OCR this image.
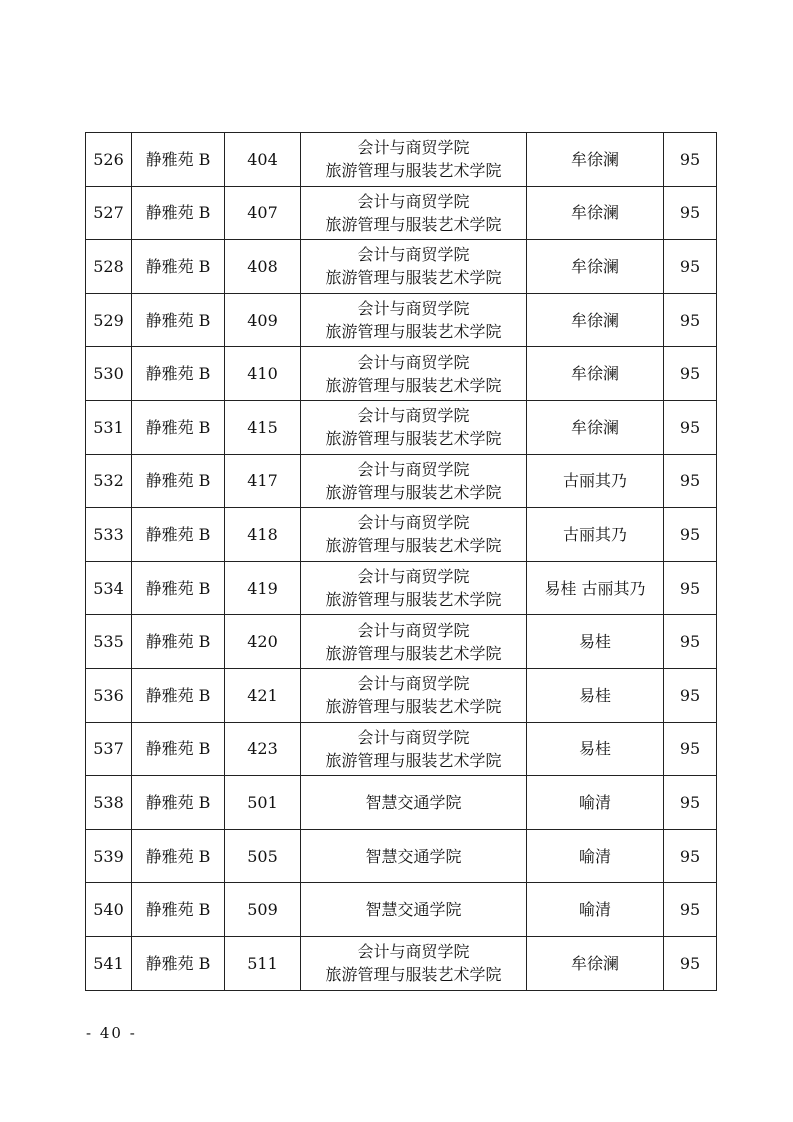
526	静雅苑 B	404	会计与商贸学院
旅游管理与服装艺术学院	牟徐澜	95
527	静雅苑 B	407	会计与商贸学院
旅游管理与服装艺术学院	牟徐澜	95
528	静雅苑 B	408	会计与商贸学院
旅游管理与服装艺术学院	牟徐澜	95
529	静雅苑 B	409	会计与商贸学院
旅游管理与服装艺术学院	牟徐澜	95
530	静雅苑 B	410	会计与商贸学院
旅游管理与服装艺术学院	牟徐澜	95
531	静雅苑 B	415	会计与商贸学院
旅游管理与服装艺术学院	牟徐澜	95
532	静雅苑 B	417	会计与商贸学院
旅游管理与服装艺术学院	古丽其乃	95
533	静雅苑 B	418	会计与商贸学院
旅游管理与服装艺术学院	古丽其乃	95
534	静雅苑 B	419	会计与商贸学院
旅游管理与服装艺术学院	易桂 古丽其乃	95
535	静雅苑 B	420	会计与商贸学院
旅游管理与服装艺术学院	易桂	95
536	静雅苑 B	421	会计与商贸学院
旅游管理与服装艺术学院	易桂	95
537	静雅苑 B	423	会计与商贸学院
旅游管理与服装艺术学院	易桂	95
538	静雅苑 B	501	智慧交通学院	喻清	95
539	静雅苑 B	505	智慧交通学院	喻清	95
540	静雅苑 B	509	智慧交通学院	喻清	95
541	静雅苑 B	511	会计与商贸学院
旅游管理与服装艺术学院	牟徐澜	95
- 40 -
